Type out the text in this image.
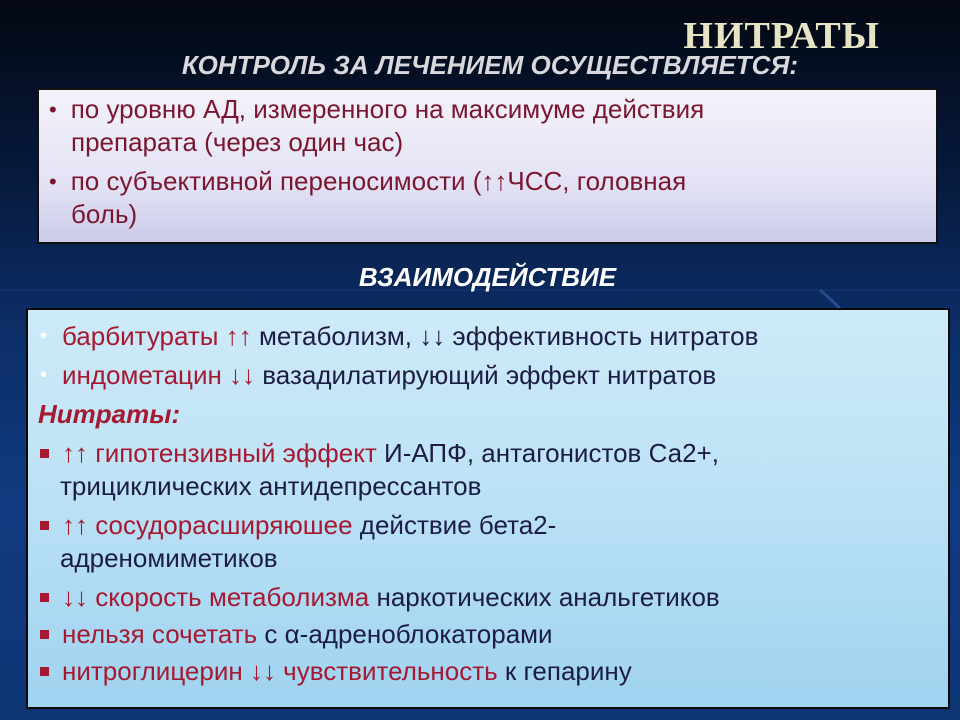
НИТРАТЫ
КОНТРОЛЬ ЗА ЛЕЧЕНИЕМ ОСУЩЕСТВЛЯЕТСЯ:
• по уровню АД, измеренного на максимуме действия
препарата (через один час)
• по субъективной переносимости (↑↑ЧСС, головная
боль)
ВЗАИМОДЕЙСТВИЕ
• барбитураты ↑↑ метаболизм, ↓↓ эффективность нитратов
• индометацин ↓↓ вазадилатирующий эффект нитратов
Нитраты:
↑↑ гипотензивный эффект И-АПФ, антагонистов Са2+,
трициклических антидепрессантов
↑↑ сосудорасширяюшее действие бета2-
адреномиметиков
↓↓ скорость метаболизма наркотических анальгетиков
нельзя сочетать с α-адреноблокаторами
нитроглицерин ↓↓ чувствительность к гепарину
